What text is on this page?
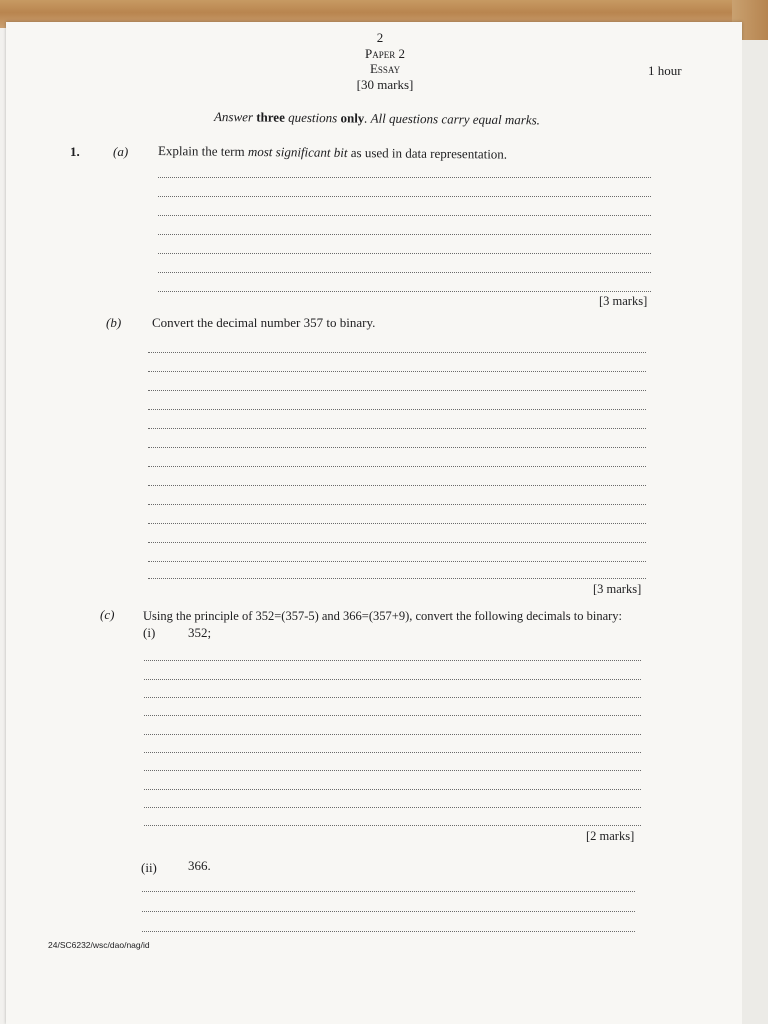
2
Paper 2
Essay
[30 marks]
1 hour
Answer three questions only. All questions carry equal marks.
1.	(a) Explain the term most significant bit as used in data representation.
[3 marks]
(b) Convert the decimal number 357 to binary.
[3 marks]
(c) Using the principle of 352=(357-5) and 366=(357+9), convert the following decimals to binary:
(i)	352;
[2 marks]
(ii) 366.
24/SC6232/wsc/dao/nag/id
